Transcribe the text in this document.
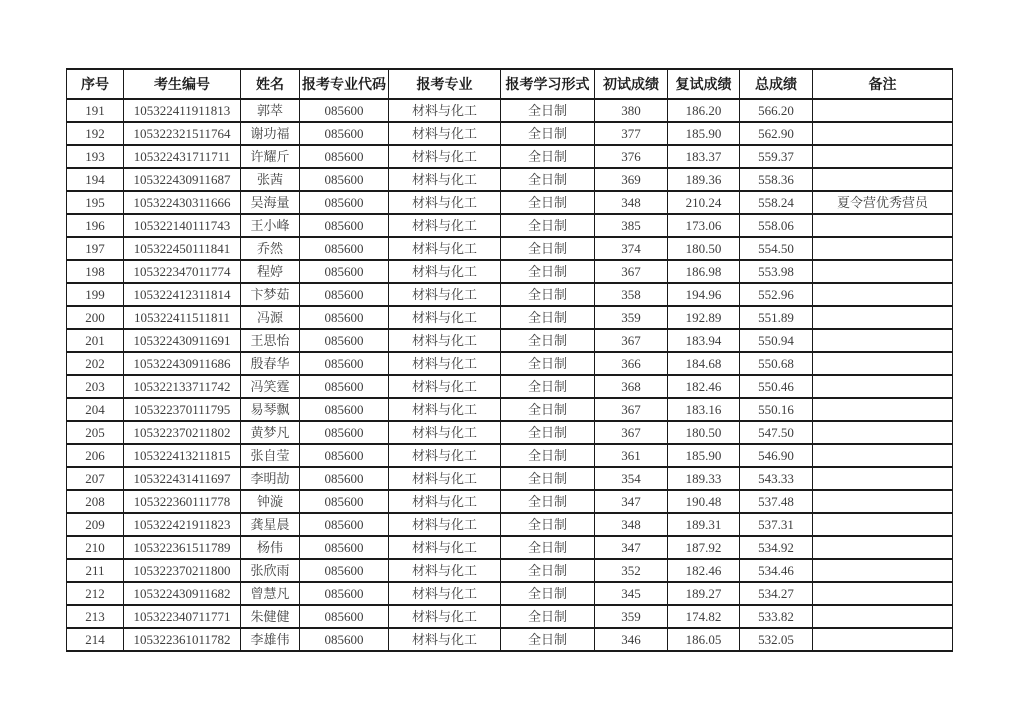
序号	考生编号	姓名	报考专业代码	报考专业	报考学习形式	初试成绩	复试成绩	总成绩	备注
191	105322411911813	郭萃	085600	材料与化工	全日制	380	186.20	566.20	
192	105322321511764	谢功福	085600	材料与化工	全日制	377	185.90	562.90	
193	105322431711711	许耀斤	085600	材料与化工	全日制	376	183.37	559.37	
194	105322430911687	张茜	085600	材料与化工	全日制	369	189.36	558.36	
195	105322430311666	吴海量	085600	材料与化工	全日制	348	210.24	558.24	夏令营优秀营员
196	105322140111743	王小峰	085600	材料与化工	全日制	385	173.06	558.06	
197	105322450111841	乔然	085600	材料与化工	全日制	374	180.50	554.50	
198	105322347011774	程婷	085600	材料与化工	全日制	367	186.98	553.98	
199	105322412311814	卞梦茹	085600	材料与化工	全日制	358	194.96	552.96	
200	105322411511811	冯源	085600	材料与化工	全日制	359	192.89	551.89	
201	105322430911691	王思怡	085600	材料与化工	全日制	367	183.94	550.94	
202	105322430911686	殷春华	085600	材料与化工	全日制	366	184.68	550.68	
203	105322133711742	冯笑霆	085600	材料与化工	全日制	368	182.46	550.46	
204	105322370111795	易琴飘	085600	材料与化工	全日制	367	183.16	550.16	
205	105322370211802	黄梦凡	085600	材料与化工	全日制	367	180.50	547.50	
206	105322413211815	张自莹	085600	材料与化工	全日制	361	185.90	546.90	
207	105322431411697	李明劼	085600	材料与化工	全日制	354	189.33	543.33	
208	105322360111778	钟漩	085600	材料与化工	全日制	347	190.48	537.48	
209	105322421911823	龚星晨	085600	材料与化工	全日制	348	189.31	537.31	
210	105322361511789	杨伟	085600	材料与化工	全日制	347	187.92	534.92	
211	105322370211800	张欣雨	085600	材料与化工	全日制	352	182.46	534.46	
212	105322430911682	曾慧凡	085600	材料与化工	全日制	345	189.27	534.27	
213	105322340711771	朱健健	085600	材料与化工	全日制	359	174.82	533.82	
214	105322361011782	李雄伟	085600	材料与化工	全日制	346	186.05	532.05	
